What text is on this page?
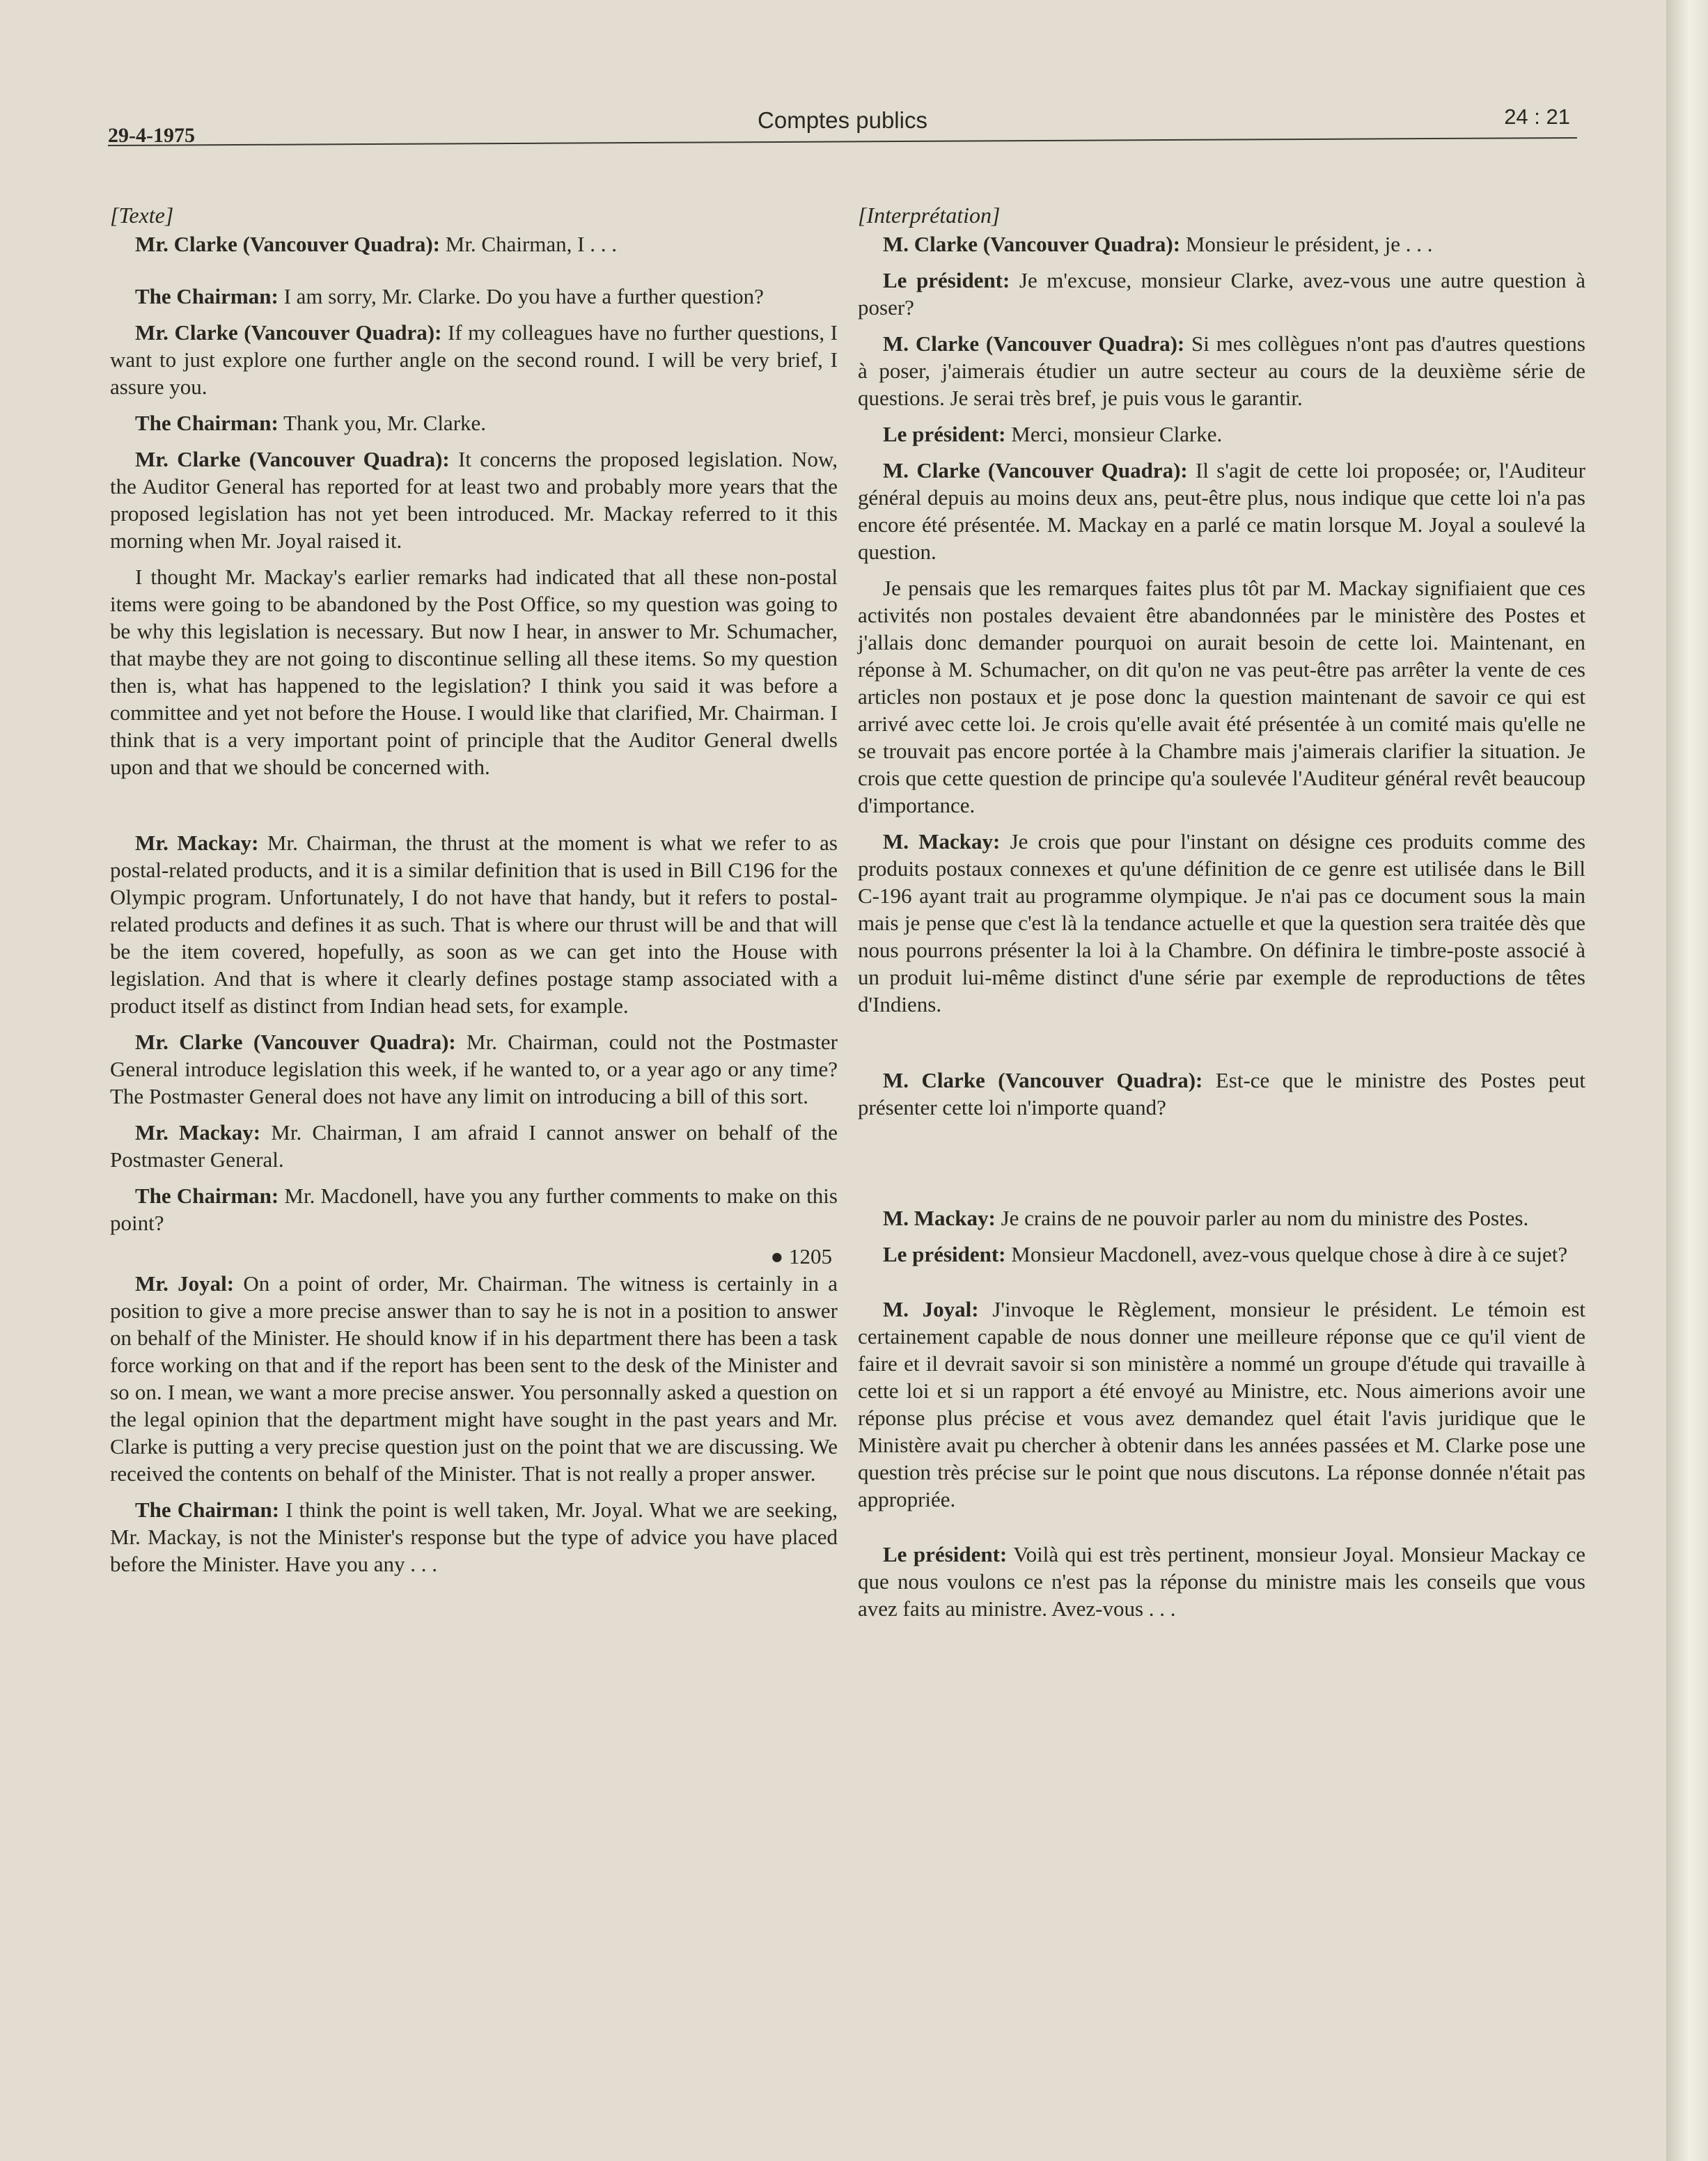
29-4-1975
Comptes publics	24 : 21

[Texte]

Mr. Clarke (Vancouver Quadra): Mr. Chairman, I . . .

The Chairman: I am sorry, Mr. Clarke. Do you have a further question?

Mr. Clarke (Vancouver Quadra): If my colleagues have no further questions, I want to just explore one further angle on the second round. I will be very brief, I assure you.

The Chairman: Thank you, Mr. Clarke.

Mr. Clarke (Vancouver Quadra): It concerns the proposed legislation. Now, the Auditor General has reported for at least two and probably more years that the proposed legislation has not yet been introduced. Mr. Mackay referred to it this morning when Mr. Joyal raised it.

I thought Mr. Mackay's earlier remarks had indicated that all these non-postal items were going to be abandoned by the Post Office, so my question was going to be why this legislation is necessary. But now I hear, in answer to Mr. Schumacher, that maybe they are not going to discontinue selling all these items. So my question then is, what has happened to the legislation? I think you said it was before a committee and yet not before the House. I would like that clarified, Mr. Chairman. I think that is a very important point of principle that the Auditor General dwells upon and that we should be concerned with.

Mr. Mackay: Mr. Chairman, the thrust at the moment is what we refer to as postal-related products, and it is a similar definition that is used in Bill C196 for the Olympic program. Unfortunately, I do not have that handy, but it refers to postal-related products and defines it as such. That is where our thrust will be and that will be the item covered, hopefully, as soon as we can get into the House with legislation. And that is where it clearly defines postage stamp associated with a product itself as distinct from Indian head sets, for example.

Mr. Clarke (Vancouver Quadra): Mr. Chairman, could not the Postmaster General introduce legislation this week, if he wanted to, or a year ago or any time? The Postmaster General does not have any limit on introducing a bill of this sort.

Mr. Mackay: Mr. Chairman, I am afraid I cannot answer on behalf of the Postmaster General.

The Chairman: Mr. Macdonell, have you any further comments to make on this point?

● 1205

Mr. Joyal: On a point of order, Mr. Chairman. The witness is certainly in a position to give a more precise answer than to say he is not in a position to answer on behalf of the Minister. He should know if in his department there has been a task force working on that and if the report has been sent to the desk of the Minister and so on. I mean, we want a more precise answer. You personnally asked a question on the legal opinion that the department might have sought in the past years and Mr. Clarke is putting a very precise question just on the point that we are discussing. We received the contents on behalf of the Minister. That is not really a proper answer.

The Chairman: I think the point is well taken, Mr. Joyal. What we are seeking, Mr. Mackay, is not the Minister's response but the type of advice you have placed before the Minister. Have you any . . .

[Interprétation]

M. Clarke (Vancouver Quadra): Monsieur le président, je . . .

Le président: Je m'excuse, monsieur Clarke, avez-vous une autre question à poser?

M. Clarke (Vancouver Quadra): Si mes collègues n'ont pas d'autres questions à poser, j'aimerais étudier un autre secteur au cours de la deuxième série de questions. Je serai très bref, je puis vous le garantir.

Le président: Merci, monsieur Clarke.

M. Clarke (Vancouver Quadra): Il s'agit de cette loi proposée; or, l'Auditeur général depuis au moins deux ans, peut-être plus, nous indique que cette loi n'a pas encore été présentée. M. Mackay en a parlé ce matin lorsque M. Joyal a soulevé la question.

Je pensais que les remarques faites plus tôt par M. Mackay signifiaient que ces activités non postales devaient être abandonnées par le ministère des Postes et j'allais donc demander pourquoi on aurait besoin de cette loi. Maintenant, en réponse à M. Schumacher, on dit qu'on ne vas peut-être pas arrêter la vente de ces articles non postaux et je pose donc la question maintenant de savoir ce qui est arrivé avec cette loi. Je crois qu'elle avait été présentée à un comité mais qu'elle ne se trouvait pas encore portée à la Chambre mais j'aimerais clarifier la situation. Je crois que cette question de principe qu'a soulevée l'Auditeur général revêt beaucoup d'importance.

M. Mackay: Je crois que pour l'instant on désigne ces produits comme des produits postaux connexes et qu'une définition de ce genre est utilisée dans le Bill C-196 ayant trait au programme olympique. Je n'ai pas ce document sous la main mais je pense que c'est là la tendance actuelle et que la question sera traitée dès que nous pourrons présenter la loi à la Chambre. On définira le timbre-poste associé à un produit lui-même distinct d'une série par exemple de reproductions de têtes d'Indiens.

M. Clarke (Vancouver Quadra): Est-ce que le ministre des Postes peut présenter cette loi n'importe quand?

M. Mackay: Je crains de ne pouvoir parler au nom du ministre des Postes.

Le président: Monsieur Macdonell, avez-vous quelque chose à dire à ce sujet?

M. Joyal: J'invoque le Règlement, monsieur le président. Le témoin est certainement capable de nous donner une meilleure réponse que ce qu'il vient de faire et il devrait savoir si son ministère a nommé un groupe d'étude qui travaille à cette loi et si un rapport a été envoyé au Ministre, etc. Nous aimerions avoir une réponse plus précise et vous avez demandez quel était l'avis juridique que le Ministère avait pu chercher à obtenir dans les années passées et M. Clarke pose une question très précise sur le point que nous discutons. La réponse donnée n'était pas appropriée.

Le président: Voilà qui est très pertinent, monsieur Joyal. Monsieur Mackay ce que nous voulons ce n'est pas la réponse du ministre mais les conseils que vous avez faits au ministre. Avez-vous . . .
